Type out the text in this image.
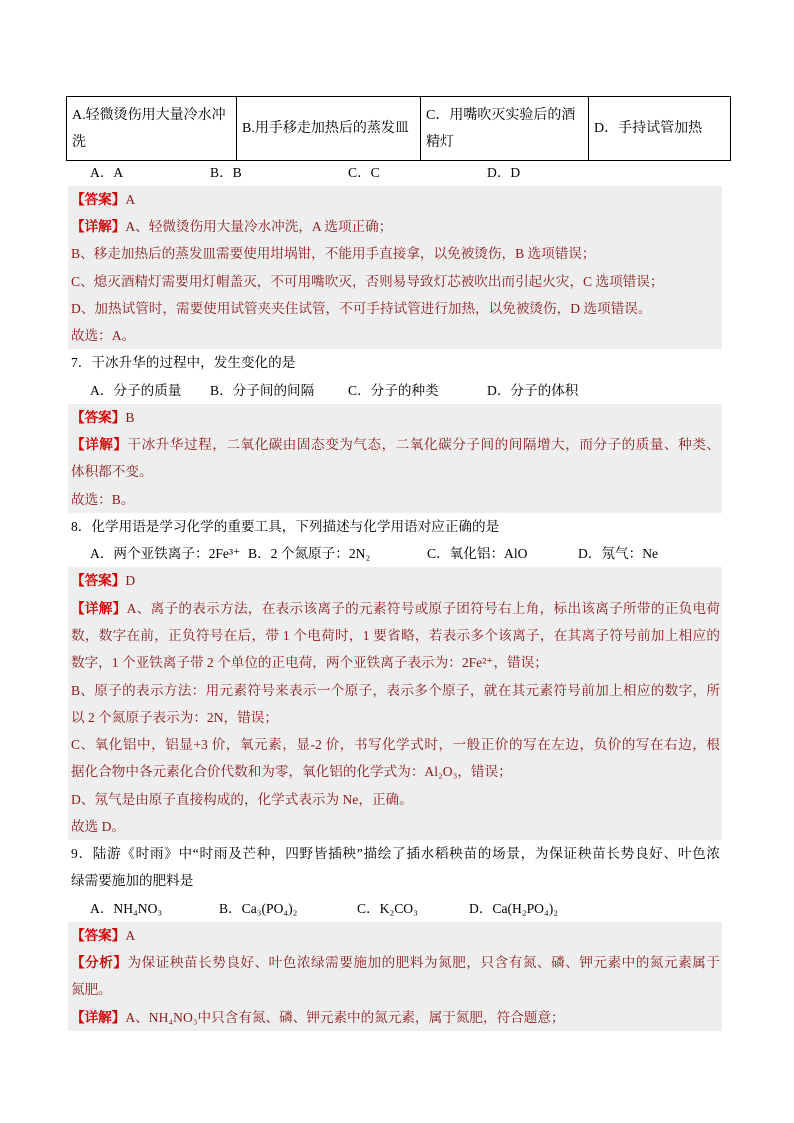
A.轻微烫伤用大量冷水冲洗	B.用手移走加热后的蒸发皿	C．用嘴吹灭实验后的酒精灯	D．手持试管加热
A．A	B．B	C．C	D．D
【答案】A
【详解】A、轻微烫伤用大量冷水冲洗，A 选项正确；
B、移走加热后的蒸发皿需要使用坩埚钳，不能用手直接拿，以免被烫伤，B 选项错误；
C、熄灭酒精灯需要用灯帽盖灭，不可用嘴吹灭，否则易导致灯芯被吹出而引起火灾，C 选项错误；
D、加热试管时，需要使用试管夹夹住试管，不可手持试管进行加热，以免被烫伤，D 选项错误。
故选：A。
7．干冰升华的过程中，发生变化的是
A．分子的质量 B．分子间的间隔 C．分子的种类	D．分子的体积
【答案】B
【详解】干冰升华过程，二氧化碳由固态变为气态，二氧化碳分子间的间隔增大，而分子的质量、种类、
体积都不变。
故选：B。
8．化学用语是学习化学的重要工具，下列描述与化学用语对应正确的是
A．两个亚铁离子：2Fe³⁺ B．2 个氮原子：2N₂	C．氧化铝：AlO	D．氖气：Ne
【答案】D
【详解】A、离子的表示方法，在表示该离子的元素符号或原子团符号右上角，标出该离子所带的正负电荷
数，数字在前，正负符号在后，带 1 个电荷时，1 要省略，若表示多个该离子，在其离子符号前加上相应的
数字，1 个亚铁离子带 2 个单位的正电荷，两个亚铁离子表示为：2Fe²⁺，错误；
B、原子的表示方法：用元素符号来表示一个原子，表示多个原子，就在其元素符号前加上相应的数字，所
以 2 个氮原子表示为：2N，错误；
C、氧化铝中，铝显+3 价，氧元素，显-2 价，书写化学式时，一般正价的写在左边，负价的写在右边，根
据化合物中各元素化合价代数和为零，氧化铝的化学式为：Al₂O₃，错误；
D、氖气是由原子直接构成的，化学式表示为 Ne，正确。
故选 D。
9．陆游《时雨》中“时雨及芒种，四野皆插秧”描绘了插水稻秧苗的场景，为保证秧苗长势良好、叶色浓
绿需要施加的肥料是
A．NH₄NO₃	B．Ca₃(PO₄)₂	C．K₂CO₃	D．Ca(H₂PO₄)₂
【答案】A
【分析】为保证秧苗长势良好、叶色浓绿需要施加的肥料为氮肥，只含有氮、磷、钾元素中的氮元素属于
氮肥。
【详解】A、NH₄NO₃中只含有氮、磷、钾元素中的氮元素，属于氮肥，符合题意；
